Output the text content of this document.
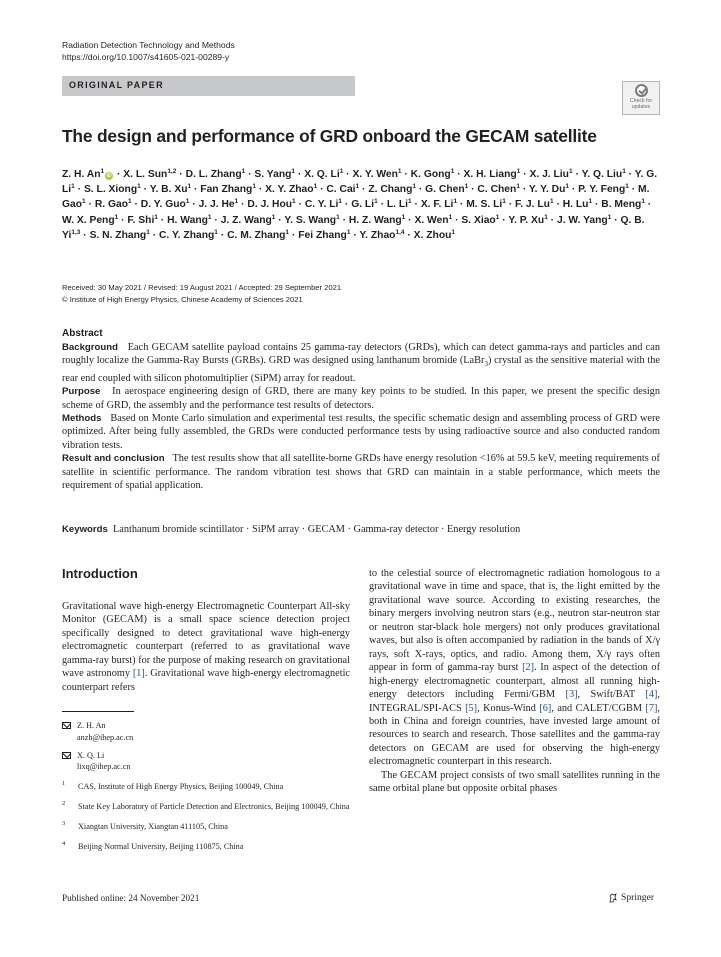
Radiation Detection Technology and Methods
https://doi.org/10.1007/s41605-021-00289-y
ORIGINAL PAPER
Check for
updates
The design and performance of GRD onboard the GECAM satellite
Z. H. $An^1iD \cdot X$. L. Sun$^{1,2}$ · D. L. Zhang$^1$ · S. Yang$^1$ · X. Q. $Li^1 \cdot X$. Y. Wen$^1$ · K. Gong$^1$ · X. H. Liang$^1$ · X. J. Liu$^1$ · Y. Q. Liu$^1$ · Y. G. $Li^1 \cdot S$. L. Xiong$^1$ · Y. B. $Xu^1$ · Fan Zhang$^1$ · X. Y. Zhao$^1$ · C. Cai$^1$ · Z. Chang$^1$ · G. Chen$^1$ · C. Chen$^1$ · Y. Y. $Du^1 \cdot P$. Y. Feng$^1$ · M. Gao$^1$ · R. Gao$^1$ · D. Y. Guo$^1$ · J. J. $He^1 \cdot D$. J. Hou$^1$ · C. Y. $Li^1 \cdot G$. $Li^1 \cdot L$. $Li^1 \cdot X$. F. $Li^1 \cdot M$. S. $Li^1 \cdot F$. J. $Lu^1 \cdot H$. $Lu^1 \cdot B$. Meng$^1$ · W. X. Peng$^1$ · F. Shi$^1$ · H. Wang$^1$ · J. Z. Wang$^1$ · Y. S. Wang$^1$ · H. Z. Wang$^1$ · X. Wen$^1$ · S. Xiao$^1$ · Y. P. $Xu^1 \cdot J$. W. Yang$^1$ · Q. B. Yi$^{1,3}$ · S. N. Zhang$^1$ · C. Y. Zhang$^1$ · C. M. Zhang$^1$ · Fei Zhang$^1$ · Y. Zhao$^{1,4}$ · X. Zhou$^1$
Received: 30 May 2021 / Revised: 19 August 2021 / Accepted: 29 September 2021
© Institute of High Energy Physics, Chinese Academy of Sciences 2021
Abstract
Background Each GECAM satellite payload contains 25 gamma-ray detectors (GRDs), which can detect gamma-rays and particles and can roughly localize the Gamma-Ray Bursts (GRBs). GRD was designed using lanthanum bromide (LaBr$_3$) crystal as the sensitive material with the rear end coupled with silicon photomultiplier (SiPM) array for readout.
Purpose In aerospace engineering design of GRD, there are many key points to be studied. In this paper, we present the specific design scheme of GRD, the assembly and the performance test results of detectors.
Methods Based on Monte Carlo simulation and experimental test results, the specific schematic design and assembling process of GRD were optimized. After being fully assembled, the GRDs were conducted performance tests by using radioactive source and also conducted random vibration tests.
Result and conclusion The test results show that all satellite-borne GRDs have energy resolution <16% at 59.5 keV, meeting requirements of satellite in scientific performance. The random vibration test shows that GRD can maintain in a stable performance, which meets the requirement of spatial application.
Keywords Lanthanum bromide scintillator · SiPM array · GECAM · Gamma-ray detector · Energy resolution
Introduction
Gravitational wave high-energy Electromagnetic Counterpart All-sky Monitor (GECAM) is a small space science detection project specifically designed to detect gravitational wave high-energy electromagnetic counterpart (referred to as gravitational wave gamma-ray burst) for the purpose of making research on gravitational wave astronomy [1]. Gravitational wave high-energy electromagnetic counterpart refers
Z. H. An
anzh@ihep.ac.cn
X. Q. Li
lixq@ihep.ac.cn
1 CAS, Institute of High Energy Physics, Beijing 100049, China
2 State Key Laboratory of Particle Detection and Electronics, Beijing 100049, China
3 Xiangtan University, Xiangtan 411105, China
4 Beijing Normal University, Beijing 110875, China

to the celestial source of electromagnetic radiation homologous to a gravitational wave in time and space, that is, the light emitted by the gravitational wave source. According to existing researches, the binary mergers involving neutron stars (e.g., neutron star-neutron star or neutron star-black hole mergers) not only produces gravitational waves, but also is often accompanied by radiation in the bands of X/γ rays, soft X-rays, optics, and radio. Among them, X/γ rays often appear in form of gamma-ray burst [2]. In aspect of the detection of high-energy electromagnetic counterpart, almost all running high-energy detectors including Fermi/GBM [3], Swift/BAT [4], INTEGRAL/SPI-ACS [5], Konus-Wind [6], and CALET/CGBM [7], both in China and foreign countries, have invested large amount of resources to search and research. Those satellites and the gamma-ray detectors on GECAM are used for observing the high-energy electromagnetic counterpart in this research.

The GECAM project consists of two small satellites running in the same orbital plane but opposite orbital phases

Published online: 24 November 2021	Springer
